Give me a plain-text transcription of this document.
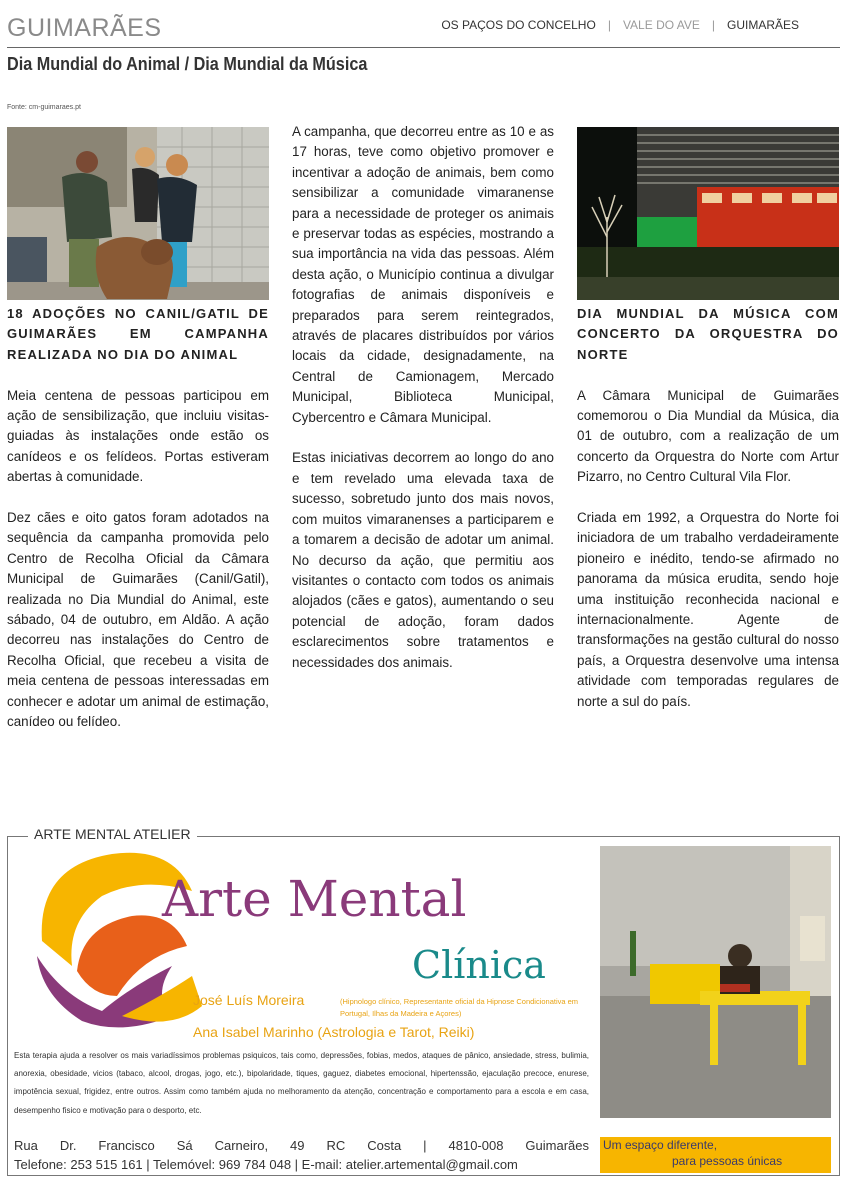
GUIMARÃES	OS PAÇOS DO CONCELHO | VALE DO AVE | GUIMARÃES
Dia Mundial do Animal / Dia Mundial da Música
Fonte: cm-guimaraes.pt
18 ADOÇÕES NO CANIL/GATIL DE GUIMARÃES EM CAMPANHA REALIZADA NO DIA DO ANIMAL

Meia centena de pessoas participou em ação de sensibilização, que incluiu visitas-guiadas às instalações onde estão os canídeos e os felídeos. Portas estiveram abertas à comunidade.

Dez cães e oito gatos foram adotados na sequência da campanha promovida pelo Centro de Recolha Oficial da Câmara Municipal de Guimarães (Canil/Gatil), realizada no Dia Mundial do Animal, este sábado, 04 de outubro, em Aldão. A ação decorreu nas instalações do Centro de Recolha Oficial, que recebeu a visita de meia centena de pessoas interessadas em conhecer e adotar um animal de estimação, canídeo ou felídeo.

A campanha, que decorreu entre as 10 e as 17 horas, teve como objetivo promover e incentivar a adoção de animais, bem como sensibilizar a comunidade vimaranense para a necessidade de proteger os animais e preservar todas as espécies, mostrando a sua importância na vida das pessoas. Além desta ação, o Município continua a divulgar fotografias de animais disponíveis e preparados para serem reintegrados, através de placares distribuídos por vários locais da cidade, designadamente, na Central de Camionagem, Mercado Municipal, Biblioteca Municipal, Cybercentro e Câmara Municipal.

Estas iniciativas decorrem ao longo do ano e tem revelado uma elevada taxa de sucesso, sobretudo junto dos mais novos, com muitos vimaranenses a participarem e a tomarem a decisão de adotar um animal. No decurso da ação, que permitiu aos visitantes o contacto com todos os animais alojados (cães e gatos), aumentando o seu potencial de adoção, foram dados esclarecimentos sobre tratamentos e necessidades dos animais.

DIA MUNDIAL DA MÚSICA COM CONCERTO DA ORQUESTRA DO NORTE

A Câmara Municipal de Guimarães comemorou o Dia Mundial da Música, dia 01 de outubro, com a realização de um concerto da Orquestra do Norte com Artur Pizarro, no Centro Cultural Vila Flor.

Criada em 1992, a Orquestra do Norte foi iniciadora de um trabalho verdadeiramente pioneiro e inédito, tendo-se afirmado no panorama da música erudita, sendo hoje uma instituição reconhecida nacional e internacionalmente. Agente de transformações na gestão cultural do nosso país, a Orquestra desenvolve uma intensa atividade com temporadas regulares de norte a sul do país.

ARTE MENTAL ATELIER
Arte Mental
Clínica
José Luís Moreira	(Hipnologo clínico, Representante oficial da Hipnose Condicionativa em Portugal, Ilhas da Madeira e Açores)
Ana Isabel Marinho (Astrologia e Tarot, Reiki)
Esta terapia ajuda a resolver os mais variadíssimos problemas psiquicos, tais como, depressões, fobias, medos, ataques de pânico, ansiedade, stress, bulimia, anorexia, obesidade, vicios (tabaco, alcool, drogas, jogo, etc.), bipolaridade, tiques, gaguez, diabetes emocional, hipertenssão, ejaculação precoce, enurese, impotência sexual, frigidez, entre outros. Assim como também ajuda no melhoramento da atenção, concentração e comportamento para a escola e em casa, desempenho fisico e motivação para o desporto, etc.
Rua Dr. Francisco Sá Carneiro, 49 RC Costa | 4810-008 Guimarães
Telefone: 253 515 161 | Telemóvel: 969 784 048 | E-mail: atelier.artemental@gmail.com
Um espaço diferente,
para pessoas únicas
